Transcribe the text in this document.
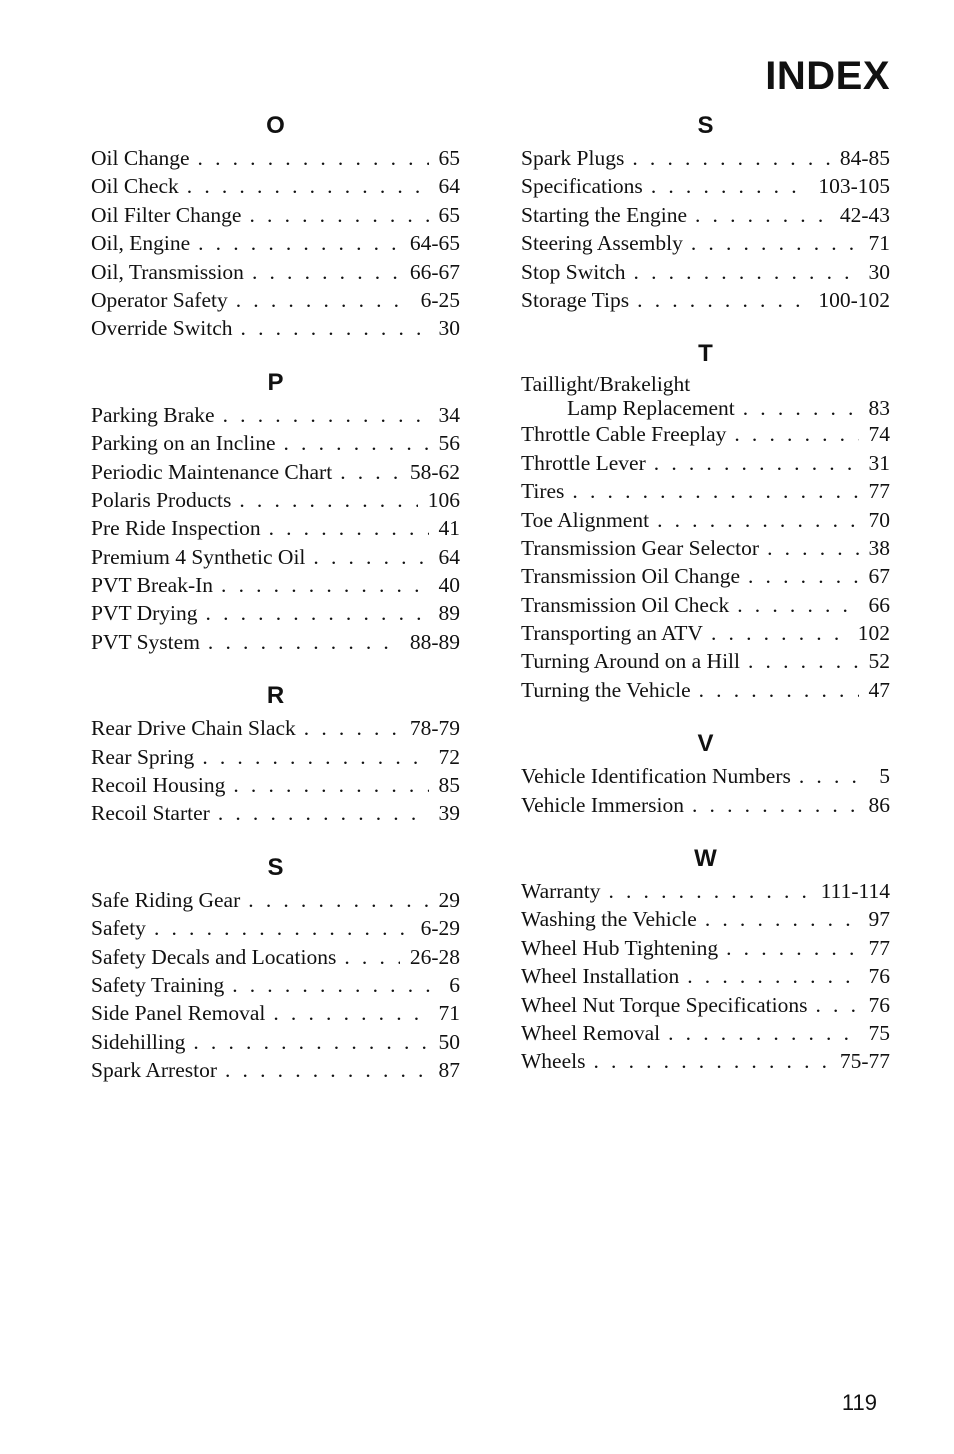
INDEX
O
Oil Change . . .	65
Oil Check . . .	64
Oil Filter Change . . .	65
Oil, Engine . . .	64-65
Oil, Transmission . . .	66-67
Operator Safety . . .	6-25
Override Switch . . .	30
P
Parking Brake . . .	34
Parking on an Incline . . .	56
Periodic Maintenance Chart . . .	58-62
Polaris Products . . .	106
Pre Ride Inspection . . .	41
Premium 4 Synthetic Oil . . .	64
PVT Break-In . . .	40
PVT Drying . . .	89
PVT System . . .	88-89
R
Rear Drive Chain Slack . . .	78-79
Rear Spring . . .	72
Recoil Housing . . .	85
Recoil Starter . . .	39
S
Safe Riding Gear . . .	29
Safety . . .	6-29
Safety Decals and Locations . . .	26-28
Safety Training . . .	6
Side Panel Removal . . .	71
Sidehilling . . .	50
Spark Arrestor . . .	87
S
Spark Plugs . . .	84-85
Specifications . . .	103-105
Starting the Engine . . .	42-43
Steering Assembly . . .	71
Stop Switch . . .	30
Storage Tips . . .	100-102
T
Taillight/Brakelight
Lamp Replacement . . .	83
Throttle Cable Freeplay . . .	74
Throttle Lever . . .	31
Tires . . .	77
Toe Alignment . . .	70
Transmission Gear Selector . . .	38
Transmission Oil Change . . .	67
Transmission Oil Check . . .	66
Transporting an ATV . . .	102
Turning Around on a Hill . . .	52
Turning the Vehicle . . .	47
V
Vehicle Identification Numbers . . .	5
Vehicle Immersion . . .	86
W
Warranty . . .	111-114
Washing the Vehicle . . .	97
Wheel Hub Tightening . . .	77
Wheel Installation . . .	76
Wheel Nut Torque Specifications . . .	76
Wheel Removal . . .	75
Wheels . . .	75-77
119
